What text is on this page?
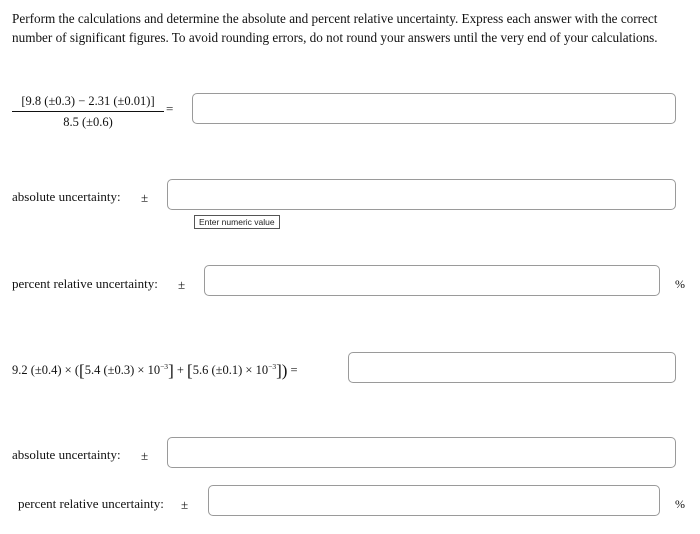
Perform the calculations and determine the absolute and percent relative uncertainty. Express each answer with the correct number of significant figures. To avoid rounding errors, do not round your answers until the very end of your calculations.
$\frac{[9.8 (\pm 0.3) - 2.31 (\pm 0.01)]}{8.5 (\pm 0.6)}$ =
absolute uncertainty: ±
Enter numeric value
percent relative uncertainty: ±	%
9.2 (±0.4) × ([5.4 $(\pm 0.3) \times 10^{-3}] + [5.6$ $(\pm 0.1) \times 10^{-3}$]) =
absolute uncertainty: ±
percent relative uncertainty: ±	%
